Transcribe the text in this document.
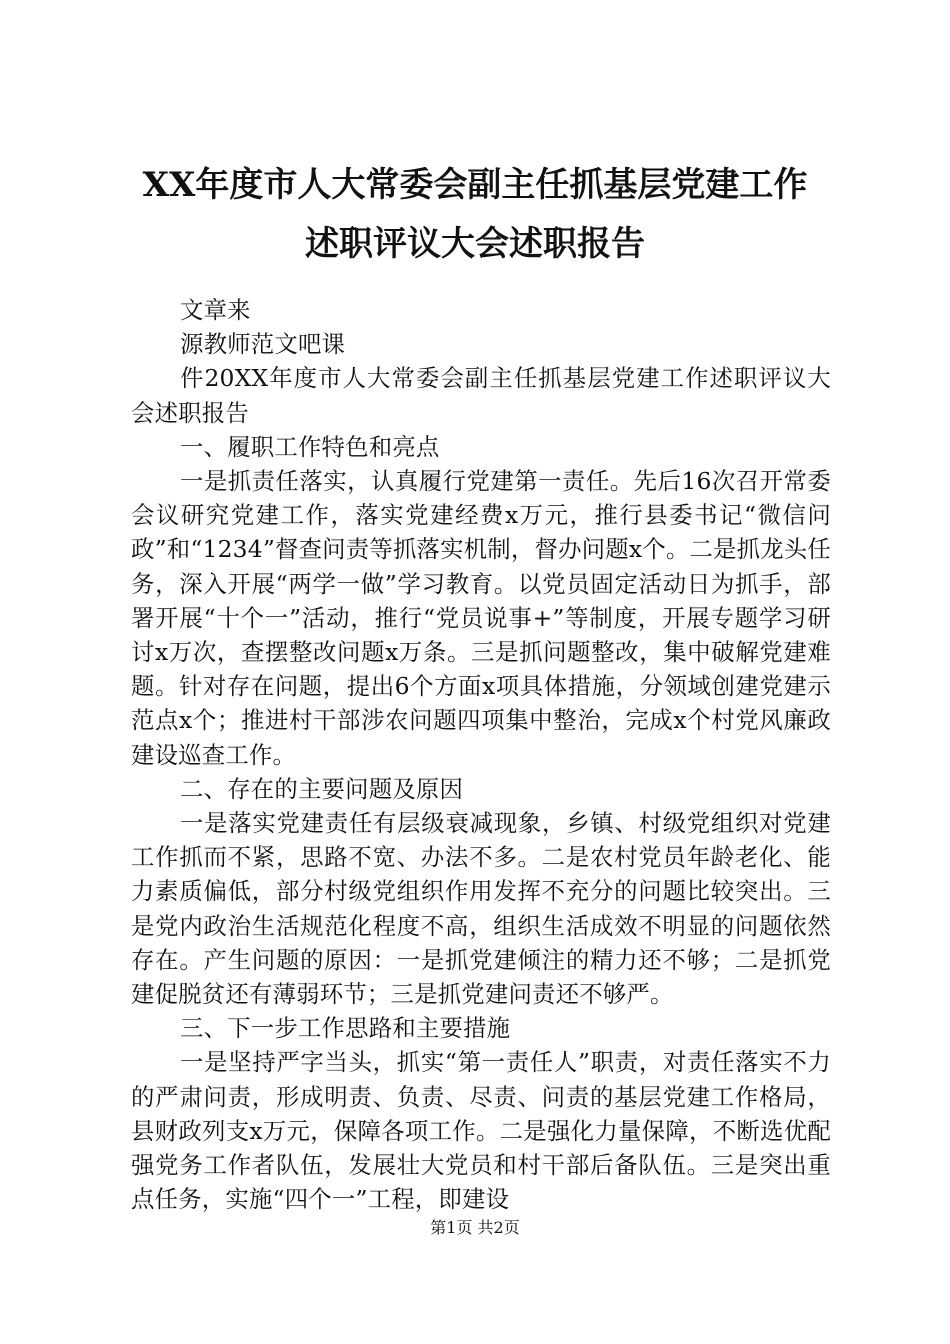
XX年度市人大常委会副主任抓基层党建工作
述职评议大会述职报告

文章来

源教师范文吧课

件20XX年度市人大常委会副主任抓基层党建工作述职评议大会述职报告

一、履职工作特色和亮点

一是抓责任落实，认真履行党建第一责任。先后16次召开常委会议研究党建工作，落实党建经费x万元，推行县委书记“微信问政”和“1234”督查问责等抓落实机制，督办问题x个。二是抓龙头任务，深入开展“两学一做”学习教育。以党员固定活动日为抓手，部署开展“十个一”活动，推行“党员说事+”等制度，开展专题学习研讨x万次，查摆整改问题x万条。三是抓问题整改，集中破解党建难题。针对存在问题，提出6个方面x项具体措施，分领域创建党建示范点x个；推进村干部涉农问题四项集中整治，完成x个村党风廉政建设巡查工作。

二、存在的主要问题及原因

一是落实党建责任有层级衰减现象，乡镇、村级党组织对党建工作抓而不紧，思路不宽、办法不多。二是农村党员年龄老化、能力素质偏低，部分村级党组织作用发挥不充分的问题比较突出。三是党内政治生活规范化程度不高，组织生活成效不明显的问题依然存在。产生问题的原因：一是抓党建倾注的精力还不够；二是抓党建促脱贫还有薄弱环节；三是抓党建问责还不够严。

三、下一步工作思路和主要措施

一是坚持严字当头，抓实“第一责任人”职责，对责任落实不力的严肃问责，形成明责、负责、尽责、问责的基层党建工作格局，县财政列支x万元，保障各项工作。二是强化力量保障，不断选优配强党务工作者队伍，发展壮大党员和村干部后备队伍。三是突出重点任务，实施“四个一”工程，即建设

第1页 共2页
